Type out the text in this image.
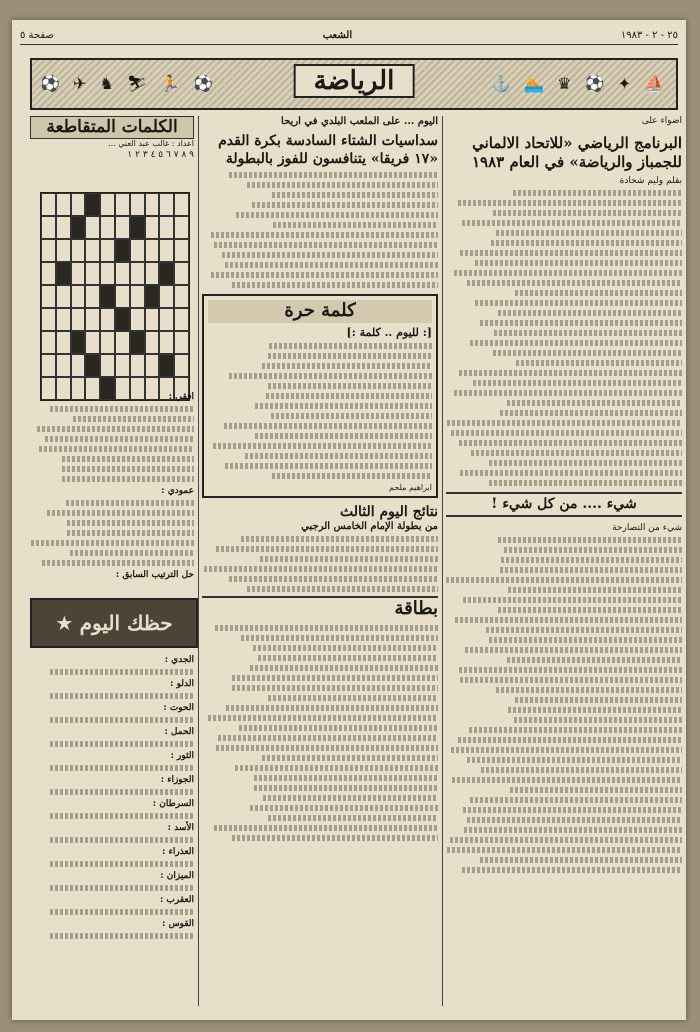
صفحة ٥	الشعب	٢٥ - ٢ - ١٩٨٣
⚽ ✈ ♞ ⛷ 🏃 ⚽	الرياضة	⚓ 🏊 ♛ ⚽ ✦ ⛵
أضواء على
البرنامج الرياضي «للاتحاد الالماني
للجمباز والرياضة» في العام ١٩٨٣
بقلم وليم شحادة
شيء .... من كل شيء !
شيء من التصارحة
اليوم ... على الملعب البلدي في أريحا
سداسيات الشتاء السادسة بكرة القدم
«١٧ فريقا» يتنافسون للفوز بالبطولة
كلمة حرة
[: لليوم .. كلمة :]
ابراهيم ملحم
نتائج اليوم الثالث
من بطولة الإمام الخامس الرجبي
بطاقة
الكلمات المتقاطعة
اعداد : غالب عبد الغني ...
٩ ٨ ٧ ٦ ٥ ٤ ٣ ٢ ١
أفقي :
عمودي :
حل الترتيب السابق :
★ حظك اليوم
الجدي :
الدلو :
الحوت :
الحمل :
الثور :
الجوزاء :
السرطان :
الأسد :
العذراء :
الميزان :
العقرب :
القوس :
